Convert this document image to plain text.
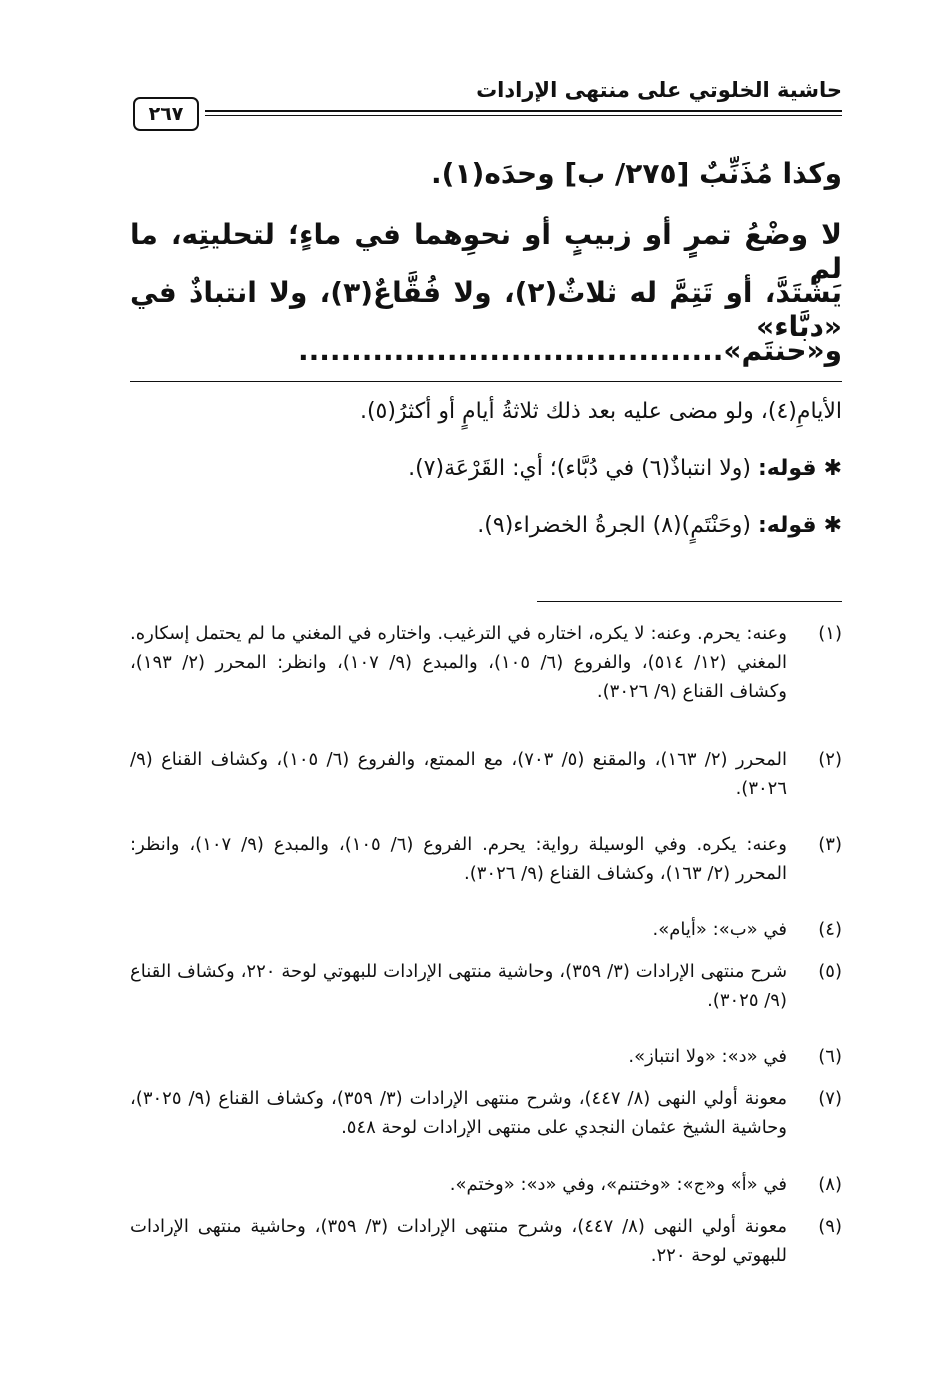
حاشية الخلوتي على منتهى الإرادات
٢٦٧
وكذا مُذَنِّبٌ [٢٧٥/ ب] وحدَه(١).
لا وضْعُ تمرٍ أو زبيبٍ أو نحوِهما في ماءٍ؛ لتحليتِه، ما لم
يَشْتَدَّ، أو تَتِمَّ له ثلاثٌ(٢)، ولا فُقَّاعٌ(٣)، ولا انتباذٌ في «دبَّاء»
و«حنتَمٍ»........................................
الأيامِ(٤)، ولو مضى عليه بعد ذلك ثلاثةُ أيامٍ أو أكثرُ(٥).
✱ قوله: (ولا انتباذٌ(٦) في دُبَّاء)؛ أي: القَرْعَة(٧).
✱ قوله: (وحَنْتَمٍ)(٨) الجرةُ الخضراء(٩).
(١)
وعنه: يحرم. وعنه: لا يكره، اختاره في الترغيب. واختاره في المغني ما لم يحتمل إسكاره. المغني (١٢/ ٥١٤)، والفروع (٦/ ١٠٥)، والمبدع (٩/ ١٠٧)، وانظر: المحرر (٢/ ١٩٣)، وكشاف القناع (٩/ ٣٠٢٦).
(٢)
المحرر (٢/ ١٦٣)، والمقنع (٥/ ٧٠٣)، مع الممتع، والفروع (٦/ ١٠٥)، وكشاف القناع (٩/ ٣٠٢٦).
(٣)
وعنه: يكره. وفي الوسيلة رواية: يحرم. الفروع (٦/ ١٠٥)، والمبدع (٩/ ١٠٧)، وانظر: المحرر (٢/ ١٦٣)، وكشاف القناع (٩/ ٣٠٢٦).
(٤)
في «ب»: «أيام».
(٥)
شرح منتهى الإرادات (٣/ ٣٥٩)، وحاشية منتهى الإرادات للبهوتي لوحة ٢٢٠، وكشاف القناع (٩/ ٣٠٢٥).
(٦)
في «د»: «ولا انتباز».
(٧)
معونة أولي النهى (٨/ ٤٤٧)، وشرح منتهى الإرادات (٣/ ٣٥٩)، وكشاف القناع (٩/ ٣٠٢٥)، وحاشية الشيخ عثمان النجدي على منتهى الإرادات لوحة ٥٤٨.
(٨)
في «أ» و«ج»: «وختنم»، وفي «د»: «وختم».
(٩)
معونة أولي النهى (٨/ ٤٤٧)، وشرح منتهى الإرادات (٣/ ٣٥٩)، وحاشية منتهى الإرادات للبهوتي لوحة ٢٢٠.
